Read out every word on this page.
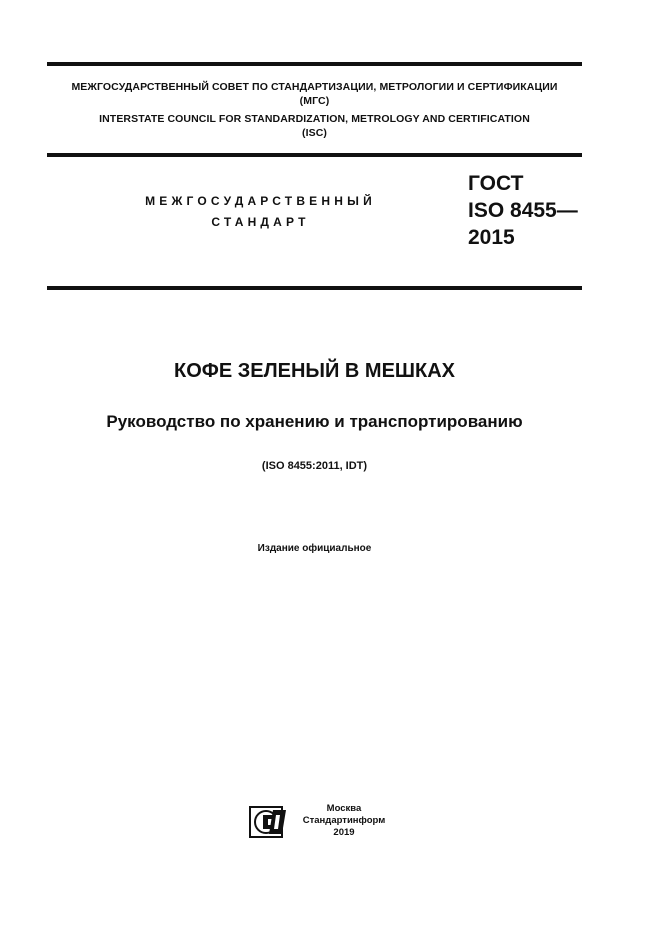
МЕЖГОСУДАРСТВЕННЫЙ СОВЕТ ПО СТАНДАРТИЗАЦИИ, МЕТРОЛОГИИ И СЕРТИФИКАЦИИ
(МГС)
INTERSTATE COUNCIL FOR STANDARDIZATION, METROLOGY AND CERTIFICATION
(ISC)
МЕЖГОСУДАРСТВЕННЫЙ
СТАНДАРТ
ГОСТ
ISO 8455—
2015
КОФЕ ЗЕЛЕНЫЙ В МЕШКАХ
Руководство по хранению и транспортированию
(ISO 8455:2011, IDT)
Издание официальное
Москва
Стандартинформ
2019
